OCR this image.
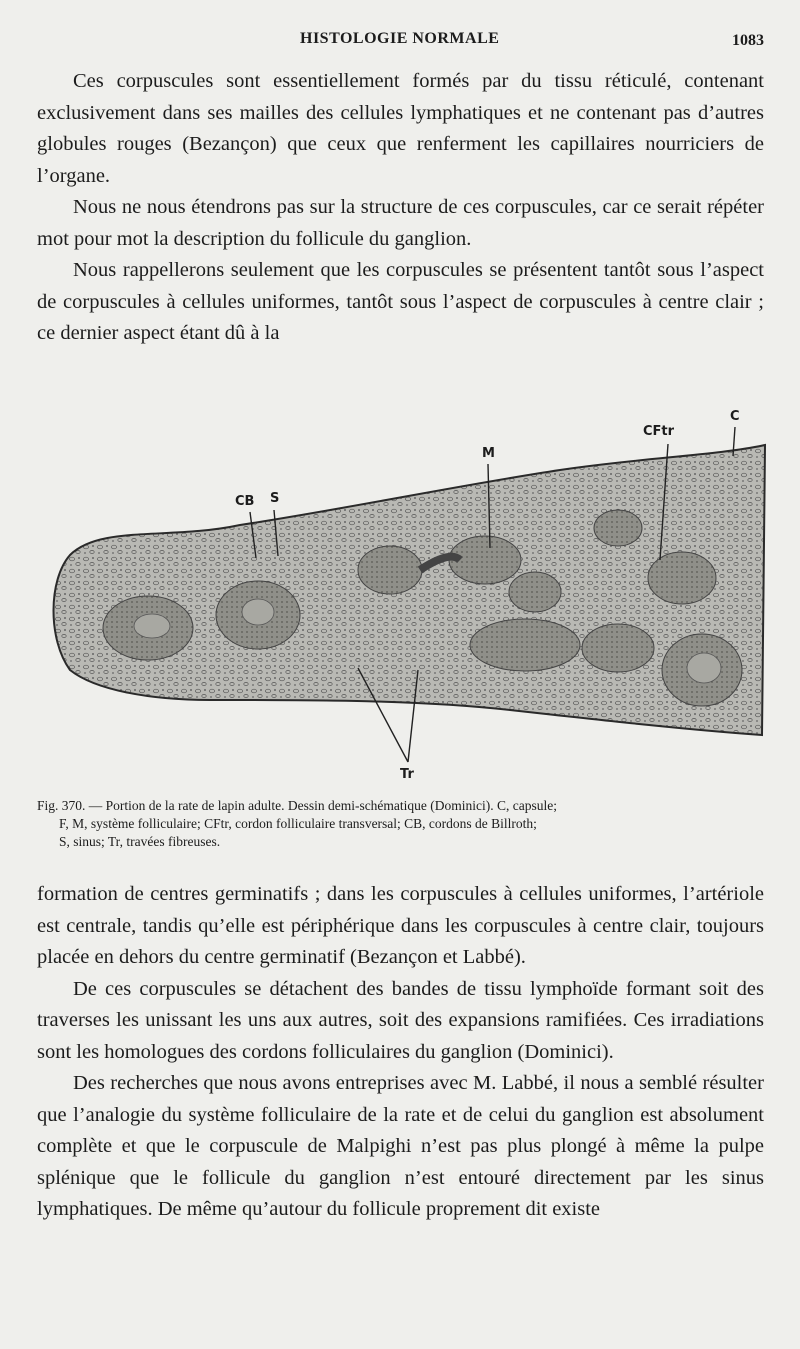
HISTOLOGIE NORMALE	1083

Ces corpuscules sont essentiellement formés par du tissu réticulé, contenant exclusivement dans ses mailles des cellules lymphatiques et ne contenant pas d’autres globules rouges (Bezançon) que ceux que renferment les capillaires nourriciers de l’organe.

Nous ne nous étendrons pas sur la structure de ces corpuscules, car ce serait répéter mot pour mot la description du follicule du ganglion.

Nous rappellerons seulement que les corpuscules se présentent tantôt sous l’aspect de corpuscules à cellules uniformes, tantôt sous l’aspect de corpuscules à centre clair ; ce dernier aspect étant dû à la

CFtr
C
M
CB S
Tr
Fig. 370. — Portion de la rate de lapin adulte. Dessin demi-schématique (Dominici). C, capsule;
F, M, système folliculaire; CFtr, cordon folliculaire transversal; CB, cordons de Billroth;
S, sinus; Tr, travées fibreuses.

formation de centres germinatifs ; dans les corpuscules à cellules uniformes, l’artériole est centrale, tandis qu’elle est périphérique dans les corpuscules à centre clair, toujours placée en dehors du centre germinatif (Bezançon et Labbé).

De ces corpuscules se détachent des bandes de tissu lymphoïde formant soit des traverses les unissant les uns aux autres, soit des expansions ramifiées. Ces irradiations sont les homologues des cordons folliculaires du ganglion (Dominici).

Des recherches que nous avons entreprises avec M. Labbé, il nous a semblé résulter que l’analogie du système folliculaire de la rate et de celui du ganglion est absolument complète et que le corpuscule de Malpighi n’est pas plus plongé à même la pulpe splénique que le follicule du ganglion n’est entouré directement par les sinus lymphatiques. De même qu’autour du follicule proprement dit existe
